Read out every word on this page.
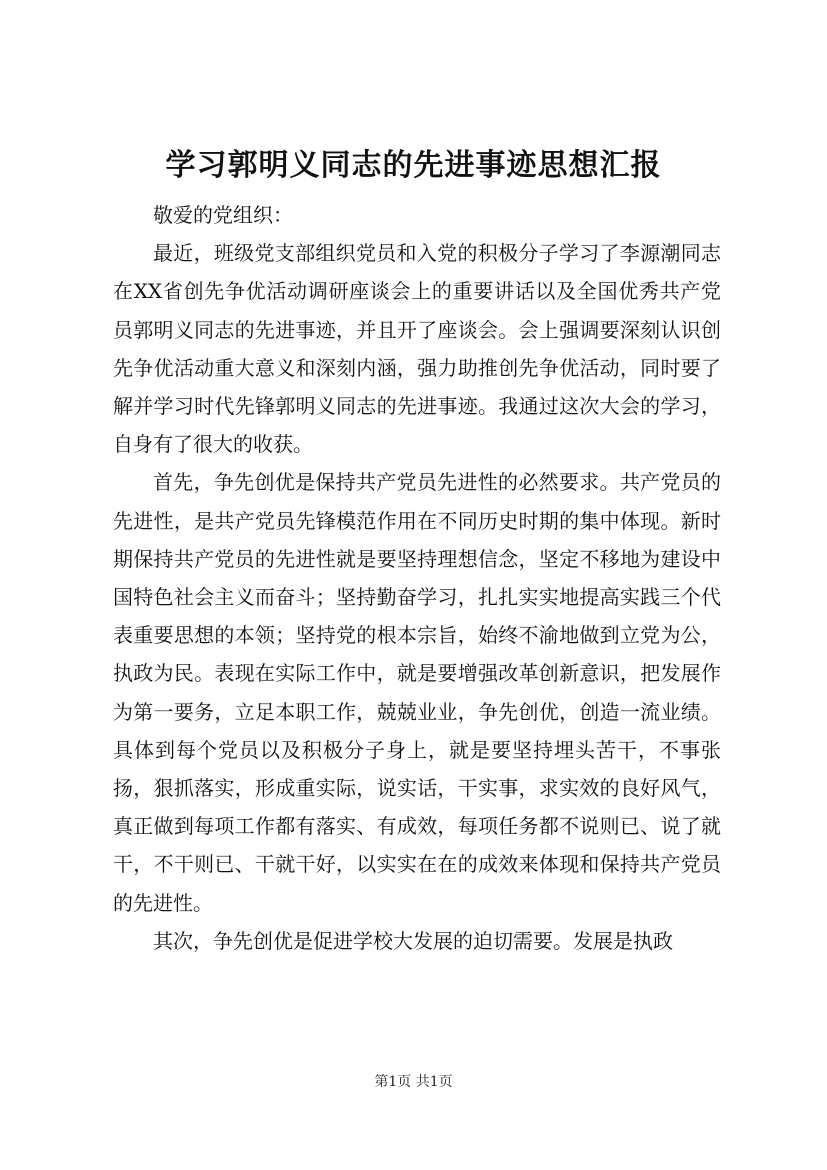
学习郭明义同志的先进事迹思想汇报

敬爱的党组织：

最近，班级党支部组织党员和入党的积极分子学习了李源潮同志在XX省创先争优活动调研座谈会上的重要讲话以及全国优秀共产党员郭明义同志的先进事迹，并且开了座谈会。会上强调要深刻认识创先争优活动重大意义和深刻内涵，强力助推创先争优活动，同时要了解并学习时代先锋郭明义同志的先进事迹。我通过这次大会的学习，自身有了很大的收获。

首先，争先创优是保持共产党员先进性的必然要求。共产党员的先进性，是共产党员先锋模范作用在不同历史时期的集中体现。新时期保持共产党员的先进性就是要坚持理想信念，坚定不移地为建设中国特色社会主义而奋斗；坚持勤奋学习，扎扎实实地提高实践三个代表重要思想的本领；坚持党的根本宗旨，始终不渝地做到立党为公，执政为民。表现在实际工作中，就是要增强改革创新意识，把发展作为第一要务，立足本职工作，兢兢业业，争先创优，创造一流业绩。具体到每个党员以及积极分子身上，就是要坚持埋头苦干，不事张扬，狠抓落实，形成重实际，说实话，干实事，求实效的良好风气，真正做到每项工作都有落实、有成效，每项任务都不说则已、说了就干，不干则已、干就干好，以实实在在的成效来体现和保持共产党员的先进性。

其次，争先创优是促进学校大发展的迫切需要。发展是执政

第1页 共1页
